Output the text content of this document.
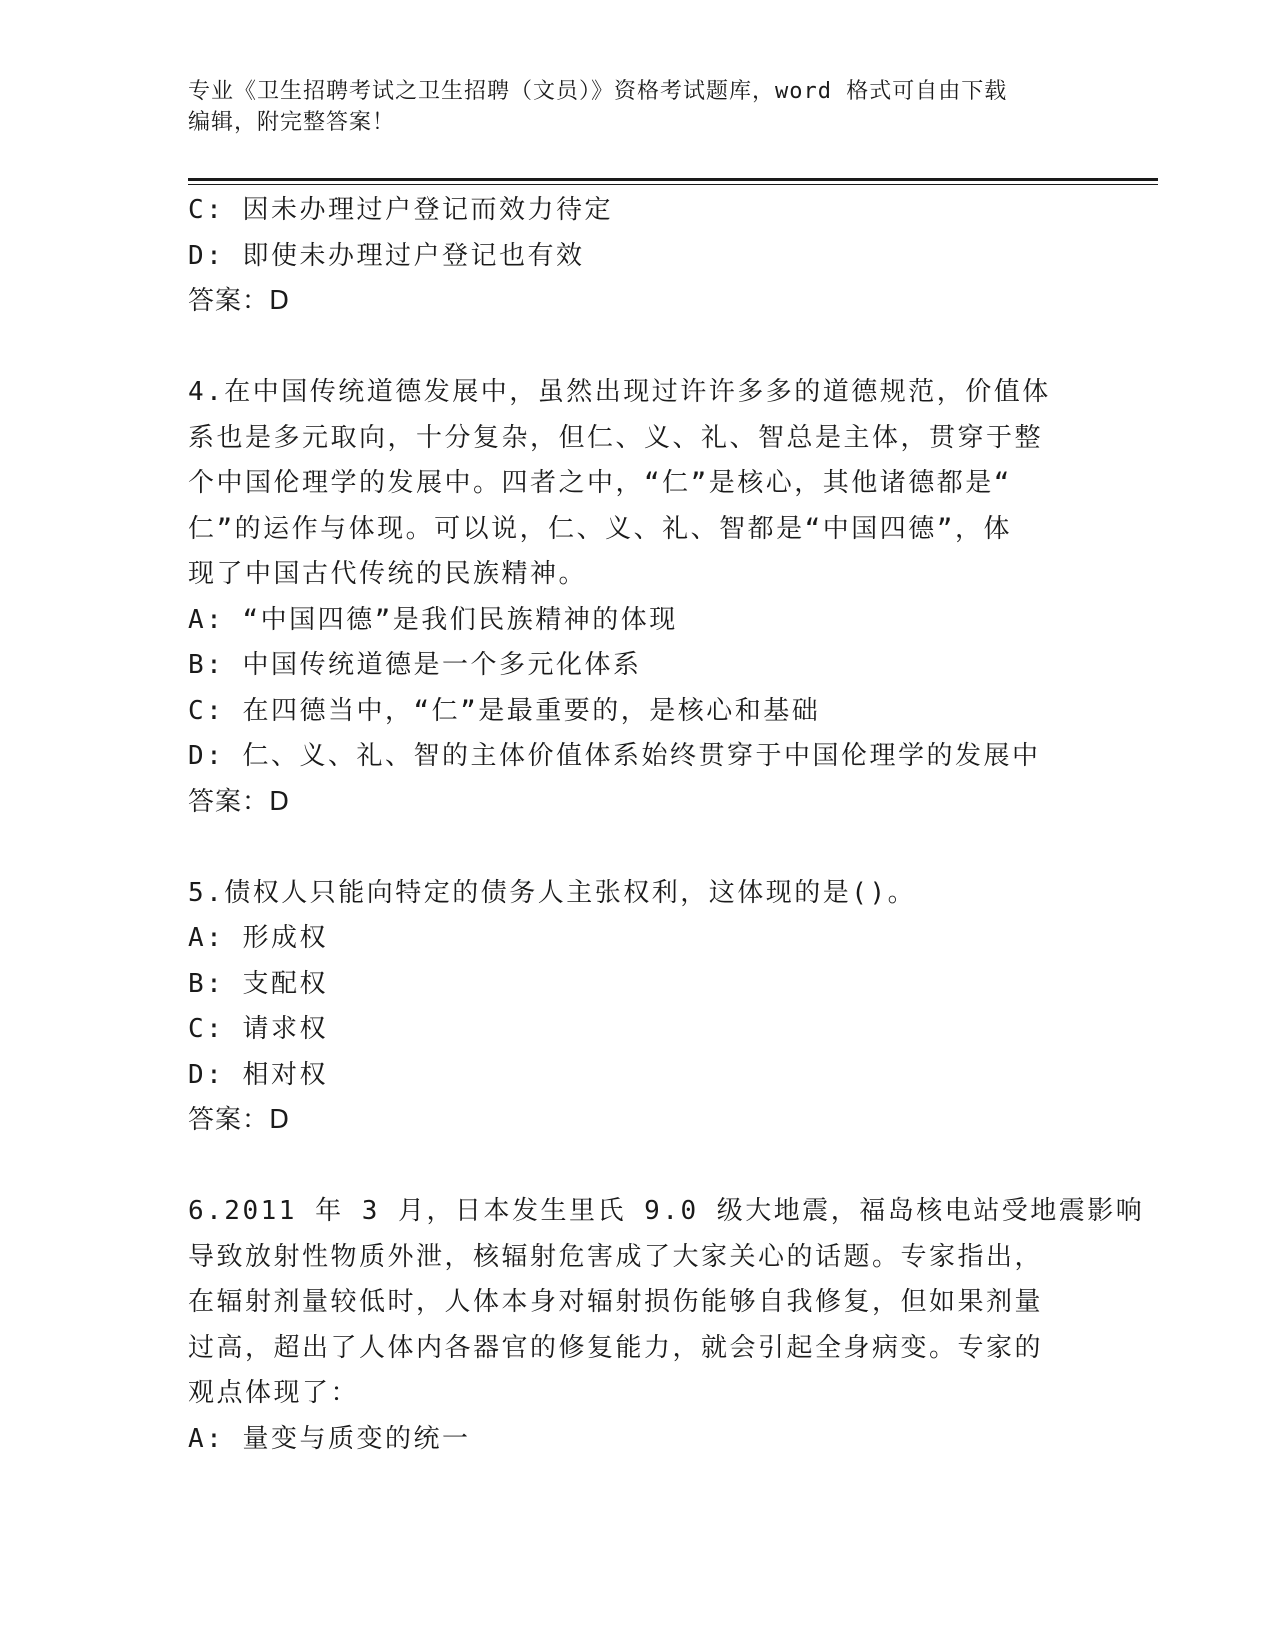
专业《卫生招聘考试之卫生招聘（文员）》资格考试题库，word 格式可自由下载
编辑，附完整答案！
C: 因未办理过户登记而效力待定
D: 即使未办理过户登记也有效
答案：D
4.在中国传统道德发展中，虽然出现过许许多多的道德规范，价值体
系也是多元取向，十分复杂，但仁、义、礼、智总是主体，贯穿于整
个中国伦理学的发展中。四者之中，“仁”是核心，其他诸德都是“
仁”的运作与体现。可以说，仁、义、礼、智都是“中国四德”，体
现了中国古代传统的民族精神。
A: “中国四德”是我们民族精神的体现
B: 中国传统道德是一个多元化体系
C: 在四德当中，“仁”是最重要的，是核心和基础
D: 仁、义、礼、智的主体价值体系始终贯穿于中国伦理学的发展中
答案：D
5.债权人只能向特定的债务人主张权利，这体现的是()。
A: 形成权
B: 支配权
C: 请求权
D: 相对权
答案：D
6.2011 年 3 月，日本发生里氏 9.0 级大地震，福岛核电站受地震影响
导致放射性物质外泄，核辐射危害成了大家关心的话题。专家指出，
在辐射剂量较低时，人体本身对辐射损伤能够自我修复，但如果剂量
过高，超出了人体内各器官的修复能力，就会引起全身病变。专家的
观点体现了：
A: 量变与质变的统一
